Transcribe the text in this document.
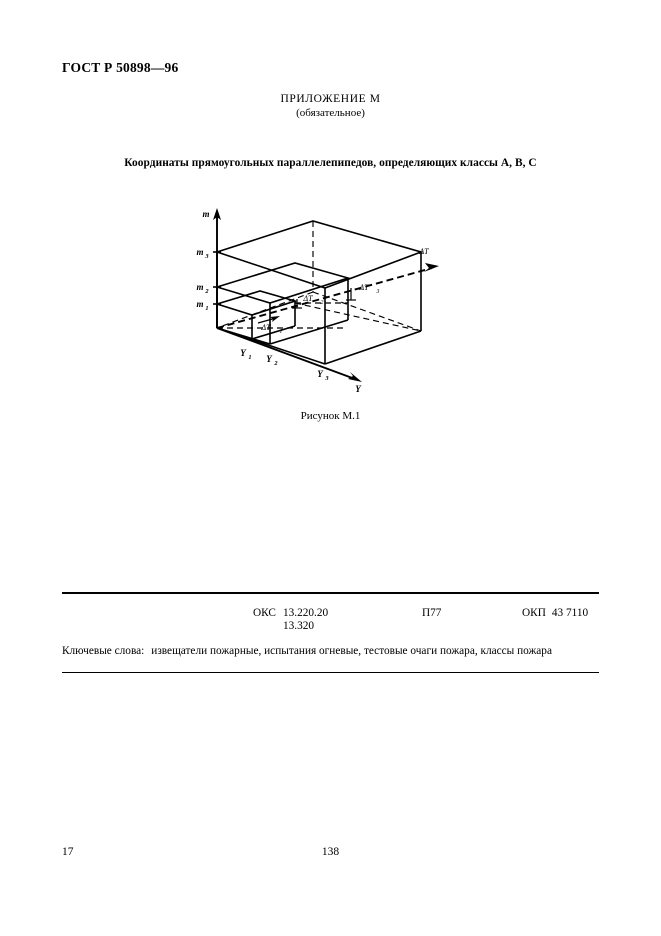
ГОСТ Р 50898—96
ПРИЛОЖЕНИЕ М
(обязательное)
Координаты прямоугольных параллелепипедов, определяющих классы А, В, С
m
Y
ΔT
m 3
m 2
m 1
Y 1 Y 2
Y 3
ΔT 1
ΔT 2
ΔT 3
Рисунок М.1
ОКС 13.220.20
13.320
П77	ОКП 43 7110
Ключевые слова: извещатели пожарные, испытания огневые, тестовые очаги пожара, классы пожара
17	138
